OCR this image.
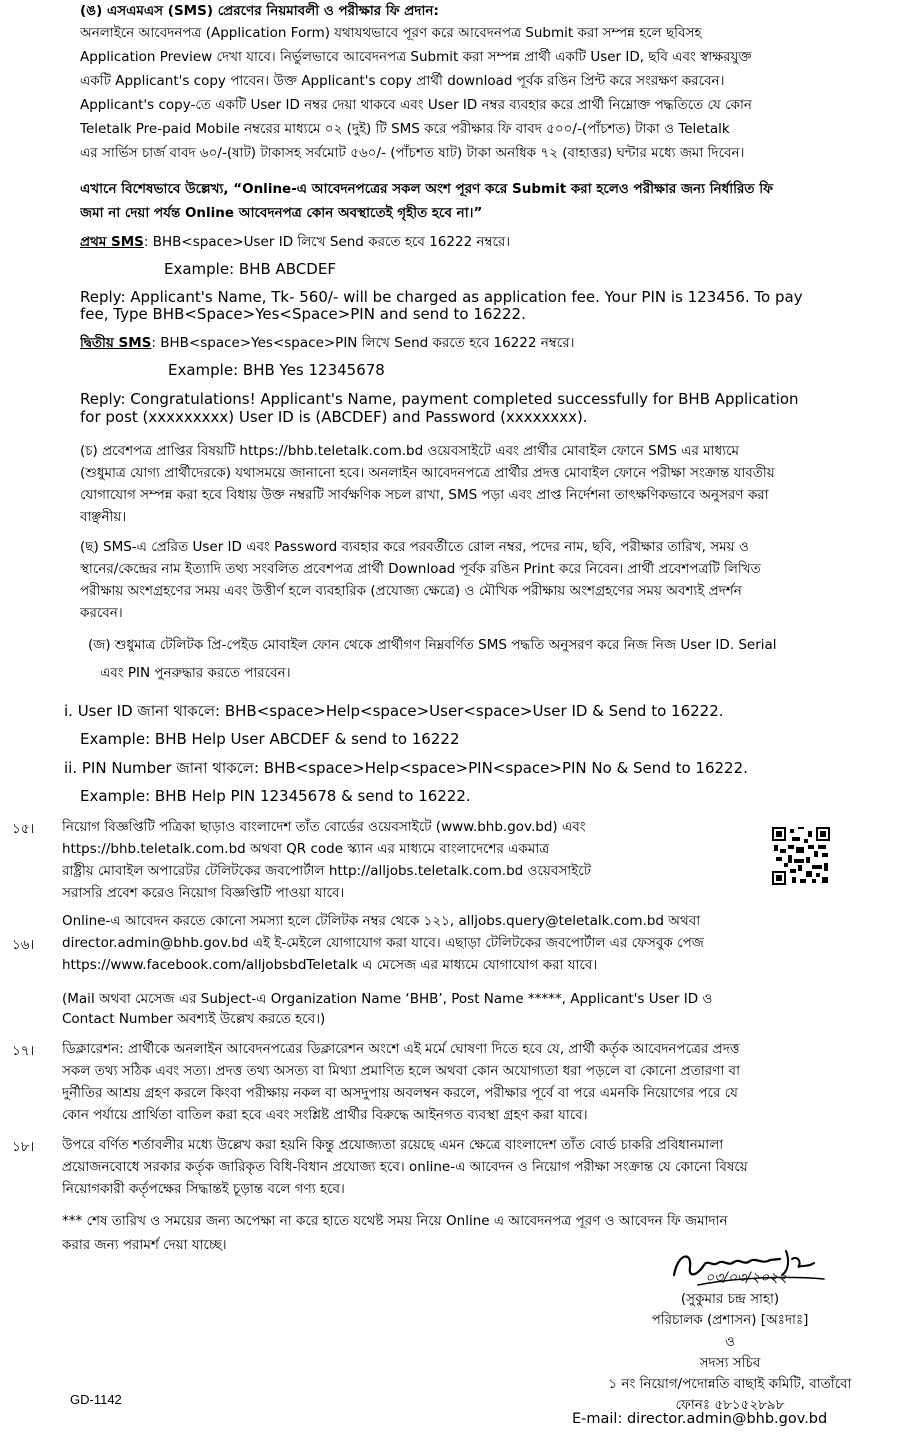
(ঙ) এসএমএস (SMS) প্রেরণের নিয়মাবলী ও পরীক্ষার ফি প্রদান:
অনলাইনে আবেদনপত্র (Application Form) যথাযথভাবে পূরণ করে আবেদনপত্র Submit করা সম্পন্ন হলে ছবিসহ
Application Preview দেখা যাবে। নির্ভুলভাবে আবেদনপত্র Submit করা সম্পন্ন প্রার্থী একটি User ID, ছবি এবং স্বাক্ষরযুক্ত
একটি Applicant's copy পাবেন। উক্ত Applicant's copy প্রার্থী download পূর্বক রঙিন প্রিন্ট করে সংরক্ষণ করবেন।
Applicant's copy-তে একটি User ID নম্বর দেয়া থাকবে এবং User ID নম্বর ব্যবহার করে প্রার্থী নিম্নোক্ত পদ্ধতিতে যে কোন
Teletalk Pre-paid Mobile নম্বরের মাধ্যমে ০২ (দুই) টি SMS করে পরীক্ষার ফি বাবদ ৫০০/-(পাঁচশত) টাকা ও Teletalk
এর সার্ভিস চার্জ বাবদ ৬০/-(ষাট) টাকাসহ সর্বমোট ৫৬০/- (পাঁচশত ষাট) টাকা অনধিক ৭২ (বাহাত্তর) ঘন্টার মধ্যে জমা দিবেন।
এখানে বিশেষভাবে উল্লেখ্য, “Online-এ আবেদনপত্রের সকল অংশ পূরণ করে Submit করা হলেও পরীক্ষার জন্য নির্ধারিত ফি
জমা না দেয়া পর্যন্ত Online আবেদনপত্র কোন অবস্থাতেই গৃহীত হবে না।”
প্রথম SMS: BHB<space>User ID লিখে Send করতে হবে 16222 নম্বরে।
Example: BHB ABCDEF
Reply: Applicant's Name, Tk- 560/- will be charged as application fee. Your PIN is 123456. To pay
fee, Type BHB<Space>Yes<Space>PIN and send to 16222.
দ্বিতীয় SMS: BHB<space>Yes<space>PIN লিখে Send করতে হবে 16222 নম্বরে।
Example: BHB Yes 12345678
Reply: Congratulations! Applicant's Name, payment completed successfully for BHB Application
for post (xxxxxxxxx) User ID is (ABCDEF) and Password (xxxxxxxx).
(চ) প্রবেশপত্র প্রাপ্তির বিষয়টি https://bhb.teletalk.com.bd ওয়েবসাইটে এবং প্রার্থীর মোবাইল ফোনে SMS এর মাধ্যমে
(শুধুমাত্র যোগ্য প্রার্থীদেরকে) যথাসময়ে জানানো হবে। অনলাইন আবেদনপত্রে প্রার্থীর প্রদত্ত মোবাইল ফোনে পরীক্ষা সংক্রান্ত যাবতীয়
যোগাযোগ সম্পন্ন করা হবে বিধায় উক্ত নম্বরটি সার্বক্ষণিক সচল রাখা, SMS পড়া এবং প্রাপ্ত নির্দেশনা তাৎক্ষণিকভাবে অনুসরণ করা
বাঞ্ছনীয়।
(ছ) SMS-এ প্রেরিত User ID এবং Password ব্যবহার করে পরবর্তীতে রোল নম্বর, পদের নাম, ছবি, পরীক্ষার তারিখ, সময় ও
স্থানের/কেন্দ্রের নাম ইত্যাদি তথ্য সংবলিত প্রবেশপত্র প্রার্থী Download পূর্বক রঙিন Print করে নিবেন। প্রার্থী প্রবেশপত্রটি লিখিত
পরীক্ষায় অংশগ্রহণের সময় এবং উত্তীর্ণ হলে ব্যবহারিক (প্রযোজ্য ক্ষেত্রে) ও মৌখিক পরীক্ষায় অংশগ্রহণের সময় অবশ্যই প্রদর্শন
করবেন।
(জ) শুধুমাত্র টেলিটক প্রি-পেইড মোবাইল ফোন থেকে প্রার্থীগণ নিম্নবর্ণিত SMS পদ্ধতি অনুসরণ করে নিজ নিজ User ID. Serial
এবং PIN পুনরুদ্ধার করতে পারবেন।
i. User ID জানা থাকলে: BHB<space>Help<space>User<space>User ID & Send to 16222.
Example: BHB Help User ABCDEF & send to 16222
ii. PIN Number জানা থাকলে: BHB<space>Help<space>PIN<space>PIN No & Send to 16222.
Example: BHB Help PIN 12345678 & send to 16222.
১৫। নিয়োগ বিজ্ঞপ্তিটি পত্রিকা ছাড়াও বাংলাদেশ তাঁত বোর্ডের ওয়েবসাইটে (www.bhb.gov.bd) এবং
https://bhb.teletalk.com.bd অথবা QR code স্ক্যান এর মাধ্যমে বাংলাদেশের একমাত্র
রাষ্ট্রীয় মোবাইল অপারেটর টেলিটকের জবপোর্টাল http://alljobs.teletalk.com.bd ওয়েবসাইটে
সরাসরি প্রবেশ করেও নিয়োগ বিজ্ঞপ্তিটি পাওয়া যাবে।
১৬।
Online-এ আবেদন করতে কোনো সমস্যা হলে টেলিটক নম্বর থেকে ১২১, alljobs.query@teletalk.com.bd অথবা
director.admin@bhb.gov.bd এই ই-মেইলে যোগাযোগ করা যাবে। এছাড়া টেলিটকের জবপোর্টাল এর ফেসবুক পেজ
https://www.facebook.com/alljobsbdTeletalk এ মেসেজ এর মাধ্যমে যোগাযোগ করা যাবে।
(Mail অথবা মেসেজ এর Subject-এ Organization Name ‘BHB’, Post Name *****, Applicant's User ID ও
Contact Number অবশ্যই উল্লেখ করতে হবে।)
১৭। ডিক্লারেশন: প্রার্থীকে অনলাইন আবেদনপত্রের ডিক্লারেশন অংশে এই মর্মে ঘোষণা দিতে হবে যে, প্রার্থী কর্তৃক আবেদনপত্রের প্রদত্ত
সকল তথ্য সঠিক এবং সত্য। প্রদত্ত তথ্য অসত্য বা মিথ্যা প্রমাণিত হলে অথবা কোন অযোগ্যতা ধরা পড়লে বা কোনো প্রতারণা বা
দুর্নীতির আশ্রয় গ্রহণ করলে কিংবা পরীক্ষায় নকল বা অসদুপায় অবলম্বন করলে, পরীক্ষার পূর্বে বা পরে এমনকি নিয়োগের পরে যে
কোন পর্যায়ে প্রার্থিতা বাতিল করা হবে এবং সংশ্লিষ্ট প্রার্থীর বিরুদ্ধে আইনগত ব্যবস্থা গ্রহণ করা যাবে।
১৮। উপরে বর্ণিত শর্তাবলীর মধ্যে উল্লেখ করা হয়নি কিন্তু প্রযোজ্যতা রয়েছে এমন ক্ষেত্রে বাংলাদেশ তাঁত বোর্ড চাকরি প্রবিধানমালা
প্রয়োজনবোধে সরকার কর্তৃক জারিকৃত বিধি-বিধান প্রযোজ্য হবে। online-এ আবেদন ও নিয়োগ পরীক্ষা সংক্রান্ত যে কোনো বিষয়ে
নিয়োগকারী কর্তৃপক্ষের সিদ্ধান্তই চূড়ান্ত বলে গণ্য হবে।
*** শেষ তারিখ ও সময়ের জন্য অপেক্ষা না করে হাতে যথেষ্ট সময় নিয়ে Online এ আবেদনপত্র পূরণ ও আবেদন ফি জমাদান
করার জন্য পরামর্শ দেয়া যাচ্ছে।
০৩/০৩/২০২২
(সুকুমার চন্দ্র সাহা)
পরিচালক (প্রশাসন) [অঃদাঃ]
ও
সদস্য সচিব
১ নং নিয়োগ/পদোন্নতি বাছাই কমিটি, বাতাঁবো
ফোনঃ ৫৮১৫২৮৯৮
E-mail: director.admin@bhb.gov.bd
GD-1142
